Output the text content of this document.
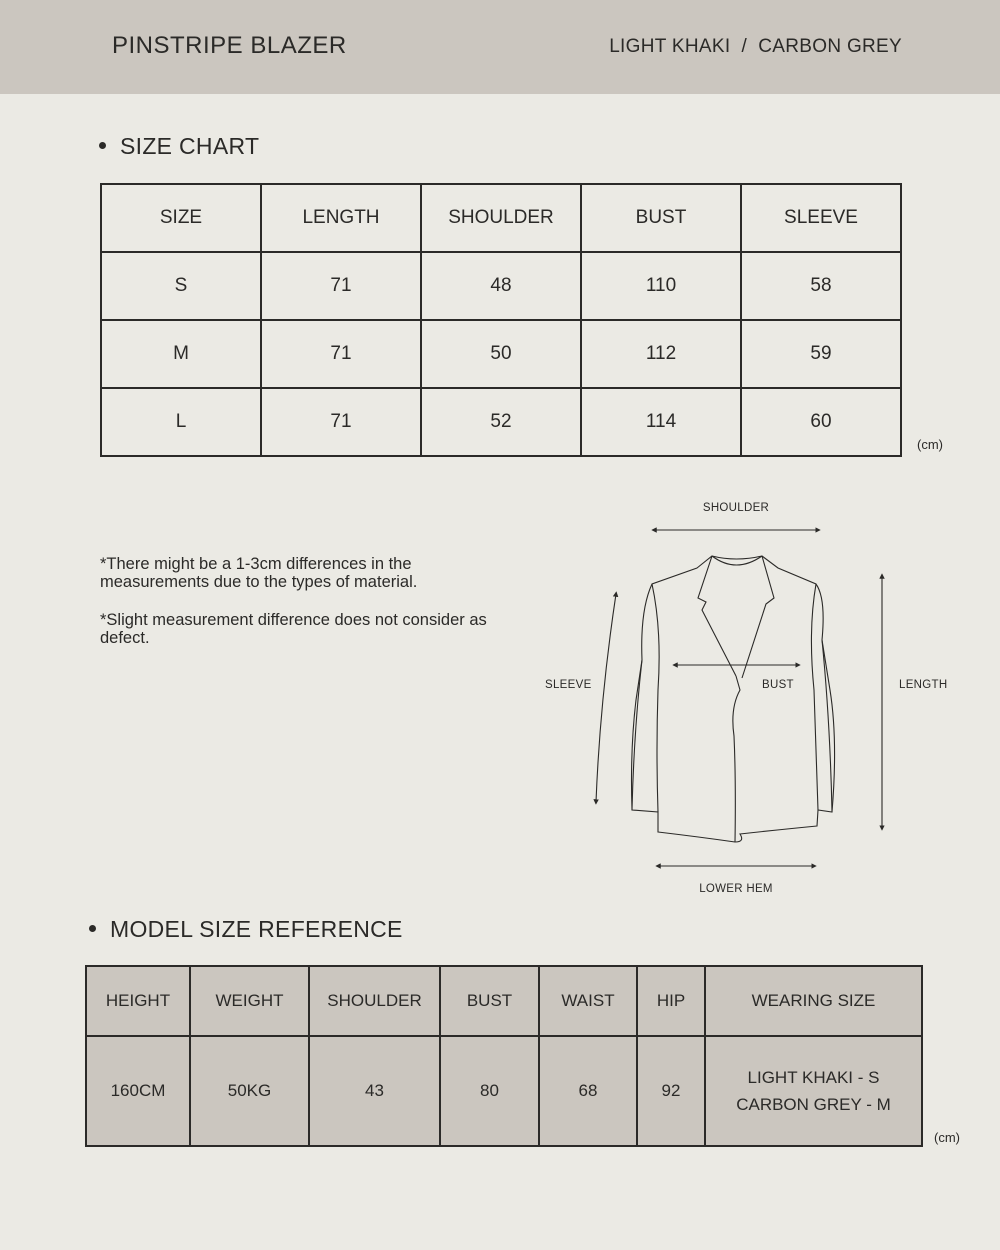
PINSTRIPE BLAZER	LIGHT KHAKI  /  CARBON GREY
SIZE CHART
SIZE	LENGTH	SHOULDER	BUST	SLEEVE
S	71	48	110	58
M	71	50	112	59
L	71	52	114	60
(cm)
*There might be a 1-3cm differences in the measurements due to the types of material.
*Slight measurement difference does not consider as defect.
SHOULDER
SLEEVE	BUST	LENGTH
LOWER HEM
MODEL SIZE REFERENCE
HEIGHT	WEIGHT	SHOULDER	BUST	WAIST	HIP	WEARING SIZE
160CM	50KG	43	80	68	92	LIGHT KHAKI - S
CARBON GREY - M
(cm)
